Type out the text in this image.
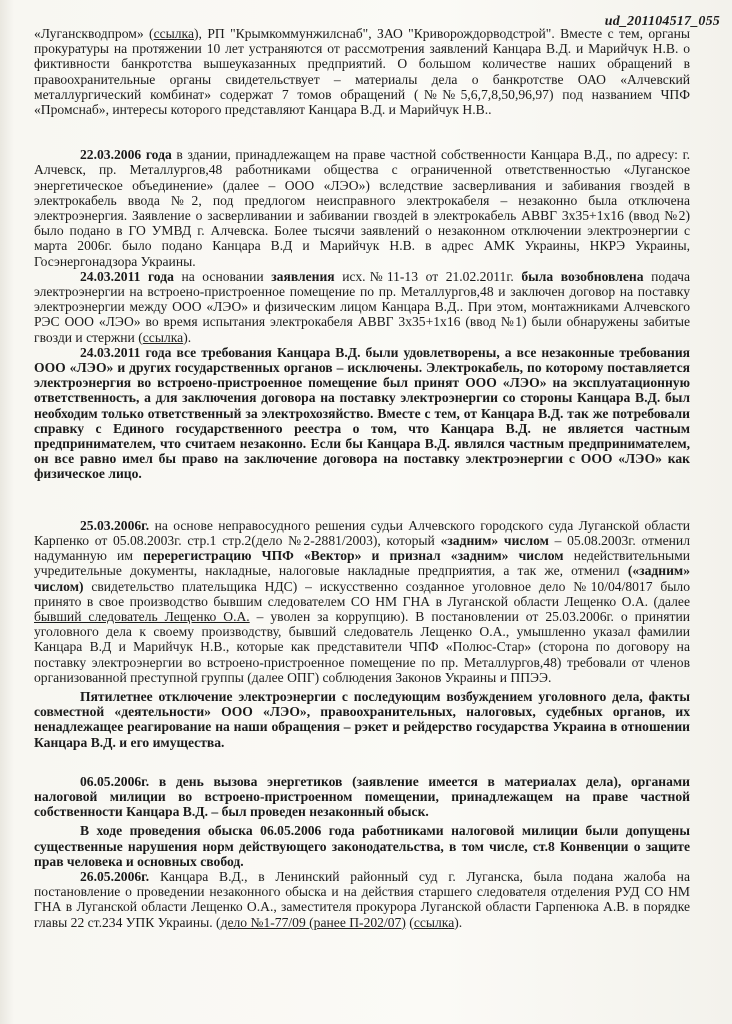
ud_201104517_055

«Луганскводпром» (ссылка), РП "Крымкоммунжилснаб", ЗАО "Криворождорводстрой". Вместе с тем, органы прокуратуры на протяжении 10 лет устраняются от рассмотрения заявлений Канцара В.Д. и Марийчук Н.В. о фиктивности банкротства вышеуказанных предприятий. О большом количестве наших обращений в правоохранительные органы свидетельствует – материалы дела о банкротстве ОАО «Алчевский металлургический комбинат» содержат 7 томов обращений (№№5,6,7,8,50,96,97) под названием ЧПФ «Промснаб», интересы которого представляют Канцара В.Д. и Марийчук Н.В..

22.03.2006 года в здании, принадлежащем на праве частной собственности Канцара В.Д., по адресу: г. Алчевск, пр. Металлургов,48 работниками общества с ограниченной ответственностью «Луганское энергетическое объединение» (далее – ООО «ЛЭО») вследствие засверливания и забивания гвоздей в электрокабель ввода №2, под предлогом неисправного электрокабеля – незаконно была отключена электроэнергия. Заявление о засверливании и забивании гвоздей в электрокабель АВВГ 3х35+1х16 (ввод №2) было подано в ГО УМВД г. Алчевска. Более тысячи заявлений о незаконном отключении электроэнергии с марта 2006г. было подано Канцара В.Д и Марийчук Н.В. в адрес АМК Украины, НКРЭ Украины, Госэнергонадзора Украины.

24.03.2011 года на основании заявления исх.№11-13 от 21.02.2011г. была возобновлена подача электроэнергии на встроено-пристроенное помещение по пр. Металлургов,48 и заключен договор на поставку электроэнергии между ООО «ЛЭО» и физическим лицом Канцара В.Д.. При этом, монтажниками Алчевского РЭС ООО «ЛЭО» во время испытания электрокабеля АВВГ 3х35+1х16 (ввод №1) были обнаружены забитые гвозди и стержни (ссылка).

24.03.2011 года все требования Канцара В.Д. были удовлетворены, а все незаконные требования ООО «ЛЭО» и других государственных органов – исключены. Электрокабель, по которому поставляется электроэнергия во встроено-пристроенное помещение был принят ООО «ЛЭО» на эксплуатационную ответственность, а для заключения договора на поставку электроэнергии со стороны Канцара В.Д. был необходим только ответственный за электрохозяйство. Вместе с тем, от Канцара В.Д. так же потребовали справку с Единого государственного реестра о том, что Канцара В.Д. не является частным предпринимателем, что считаем незаконно. Если бы Канцара В.Д. являлся частным предпринимателем, он все равно имел бы право на заключение договора на поставку электроэнергии с ООО «ЛЭО» как физическое лицо.

25.03.2006г. на основе неправосудного решения судьи Алчевского городского суда Луганской области Карпенко от 05.08.2003г. стр.1 стр.2(дело №2-2881/2003), который «задним» числом – 05.08.2003г. отменил надуманную им перерегистрацию ЧПФ «Вектор» и признал «задним» числом недействительными учредительные документы, накладные, налоговые накладные предприятия, а так же, отменил («задним» числом) свидетельство плательщика НДС) – искусственно созданное уголовное дело №10/04/8017 было принято в свое производство бывшим следователем СО НМ ГНА в Луганской области Лещенко О.А. (далее бывший следователь Лещенко О.А. – уволен за коррупцию). В постановлении от 25.03.2006г. о принятии уголовного дела к своему производству, бывший следователь Лещенко О.А., умышленно указал фамилии Канцара В.Д и Марийчук Н.В., которые как представители ЧПФ «Полюс-Стар» (сторона по договору на поставку электроэнергии во встроено-пристроенное помещение по пр. Металлургов,48) требовали от членов организованной преступной группы (далее ОПГ) соблюдения Законов Украины и ППЭЭ.

Пятилетнее отключение электроэнергии с последующим возбуждением уголовного дела, факты совместной «деятельности» ООО «ЛЭО», правоохранительных, налоговых, судебных органов, их ненадлежащее реагирование на наши обращения – рэкет и рейдерство государства Украина в отношении Канцара В.Д. и его имущества.

06.05.2006г. в день вызова энергетиков (заявление имеется в материалах дела), органами налоговой милиции во встроено-пристроенном помещении, принадлежащем на праве частной собственности Канцара В.Д. – был проведен незаконный обыск.

В ходе проведения обыска 06.05.2006 года работниками налоговой милиции были допущены существенные нарушения норм действующего законодательства, в том числе, ст.8 Конвенции о защите прав человека и основных свобод.

26.05.2006г. Канцара В.Д., в Ленинский районный суд г. Луганска, была подана жалоба на постановление о проведении незаконного обыска и на действия старшего следователя отделения РУД СО НМ ГНА в Луганской области Лещенко О.А., заместителя прокурора Луганской области Гарпенюка А.В. в порядке главы 22 ст.234 УПК Украины. (дело №1-77/09 (ранее П-202/07) (ссылка).
